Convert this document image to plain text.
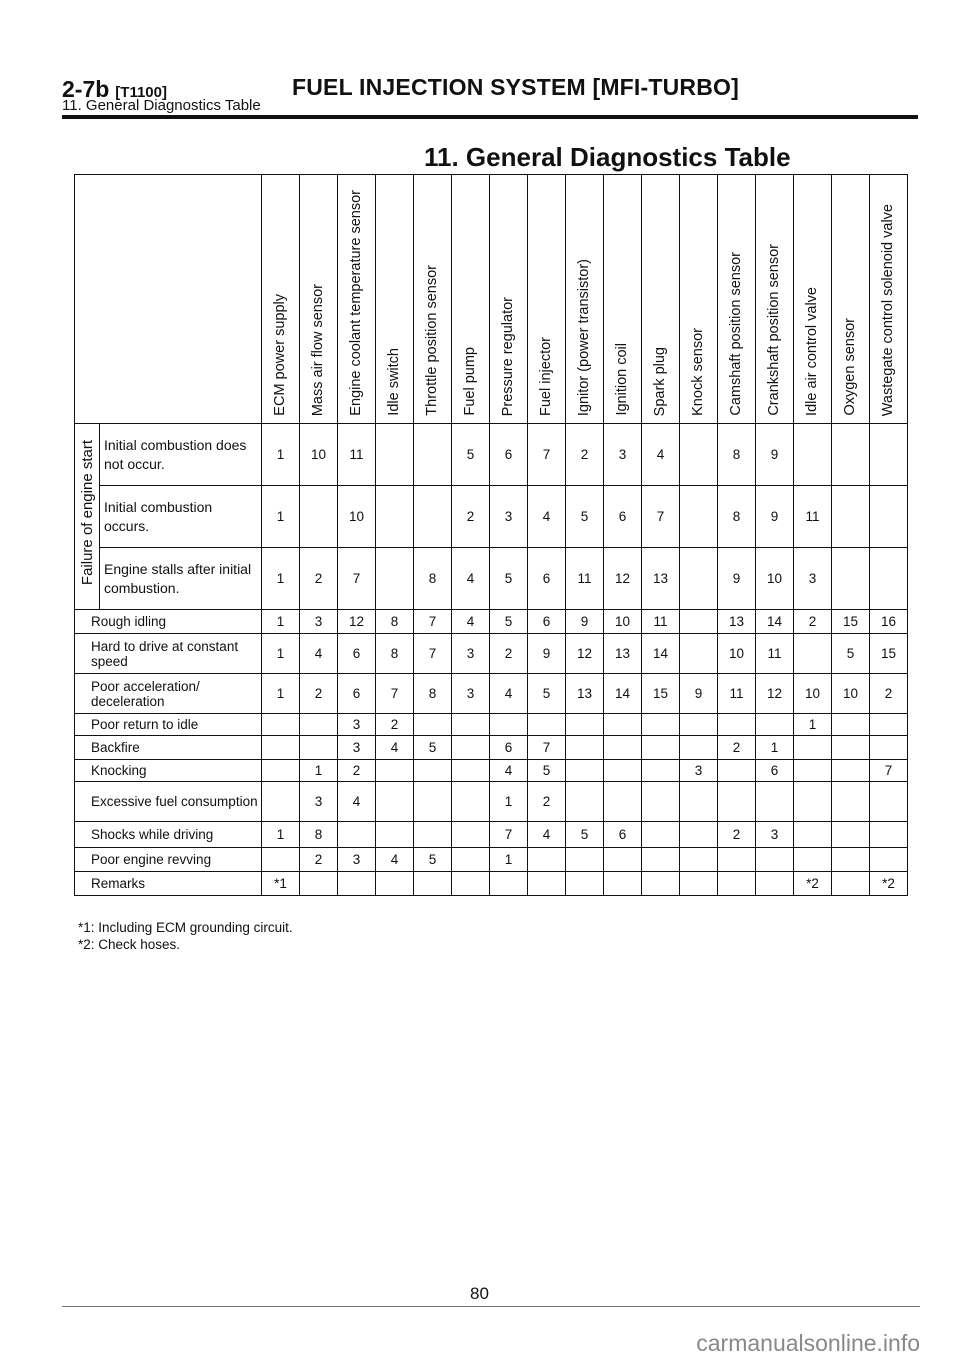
2-7b [T1100]	FUEL INJECTION SYSTEM [MFI-TURBO]
11. General Diagnostics Table
11. General Diagnostics Table
		ECM power supply	Mass air flow sensor	Engine coolant temperature sensor	Idle switch	Throttle position sensor	Fuel pump	Pressure regulator	Fuel injector	Ignitor (power transistor)	Ignition coil	Spark plug	Knock sensor	Camshaft position sensor	Crankshaft position sensor	Idle air control valve	Oxygen sensor	Wastegate control solenoid valve
Failure of engine start	Initial combustion does not occur.	1	10	11			5	6	7	2	3	4		8	9			
	Initial combustion occurs.	1		10			2	3	4	5	6	7		8	9	11		
	Engine stalls after initial combustion.	1	2	7		8	4	5	6	11	12	13		9	10	3		
Rough idling		1	3	12	8	7	4	5	6	9	10	11		13	14	2	15	16
Hard to drive at constant speed		1	4	6	8	7	3	2	9	12	13	14		10	11		5	15
Poor acceleration/ deceleration		1	2	6	7	8	3	4	5	13	14	15	9	11	12	10	10	2
Poor return to idle				3	2											1		
Backfire				3	4	5		6	7					2	1			
Knocking			1	2				4	5				3		6			7
Excessive fuel consumption			3	4				1	2									
Shocks while driving		1	8					7	4	5	6			2	3			
Poor engine revving			2	3	4	5		1										
Remarks		*1														*2		*2
*1: Including ECM grounding circuit.
*2: Check hoses.
80
carmanualsonline.info
